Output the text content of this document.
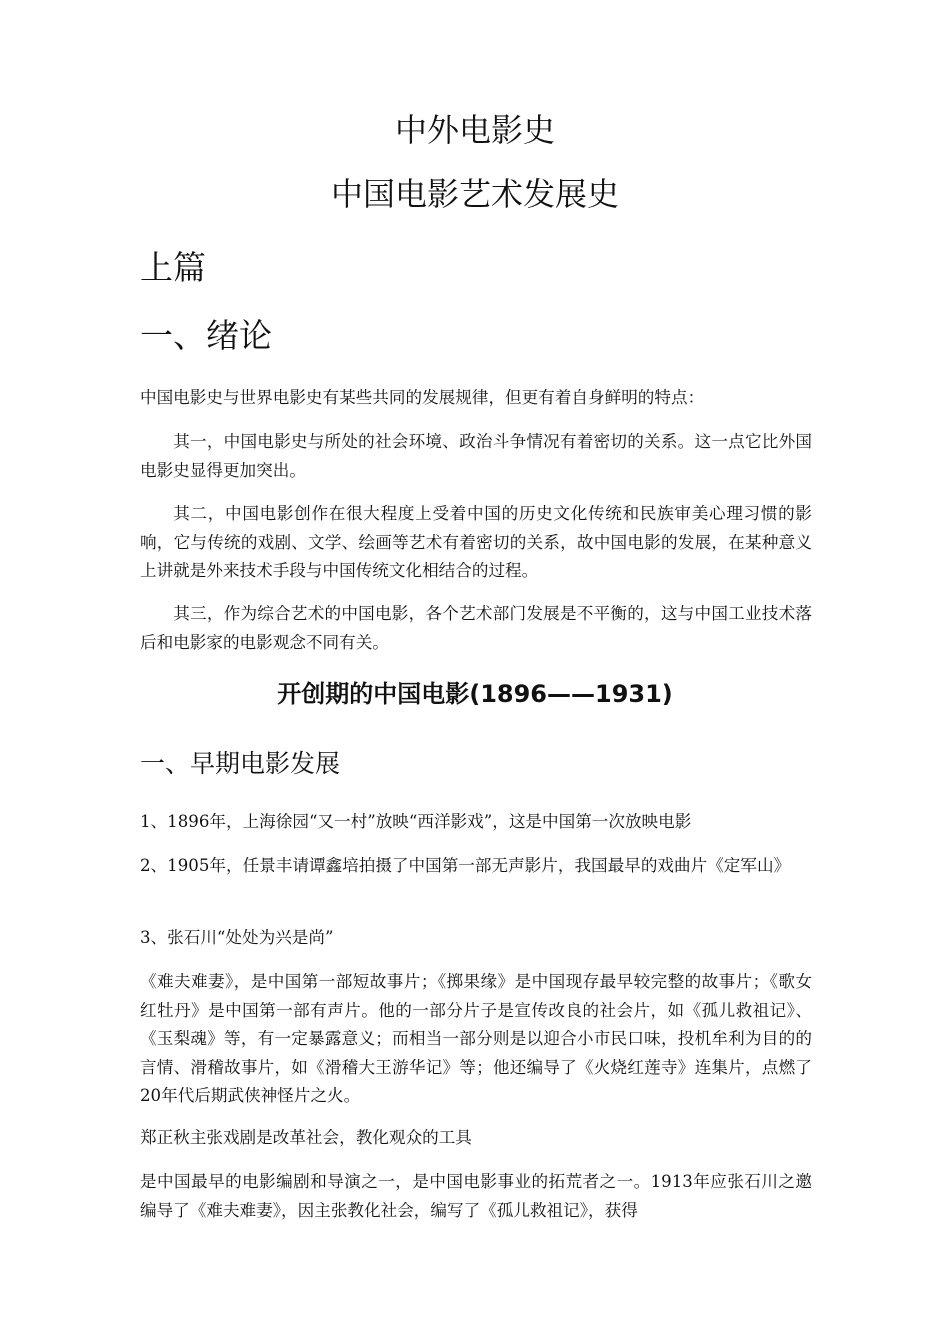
中外电影史
中国电影艺术发展史
上篇
一、绪论

中国电影史与世界电影史有某些共同的发展规律，但更有着自身鲜明的特点：

其一，中国电影史与所处的社会环境、政治斗争情况有着密切的关系。这一点它比外国电影史显得更加突出。

其二，中国电影创作在很大程度上受着中国的历史文化传统和民族审美心理习惯的影响，它与传统的戏剧、文学、绘画等艺术有着密切的关系，故中国电影的发展，在某种意义上讲就是外来技术手段与中国传统文化相结合的过程。

其三，作为综合艺术的中国电影，各个艺术部门发展是不平衡的，这与中国工业技术落后和电影家的电影观念不同有关。

开创期的中国电影(1896——1931)
一、早期电影发展

1、1896年，上海徐园“又一村”放映“西洋影戏”，这是中国第一次放映电影

2、1905年，任景丰请谭鑫培拍摄了中国第一部无声影片，我国最早的戏曲片《定军山》

3、张石川“处处为兴是尚”

《难夫难妻》，是中国第一部短故事片；《掷果缘》是中国现存最早较完整的故事片；《歌女红牡丹》是中国第一部有声片。他的一部分片子是宣传改良的社会片，如《孤儿救祖记》、《玉梨魂》等，有一定暴露意义；而相当一部分则是以迎合小市民口味，投机牟利为目的的言情、滑稽故事片，如《滑稽大王游华记》等；他还编导了《火烧红莲寺》连集片，点燃了20年代后期武侠神怪片之火。

郑正秋主张戏剧是改革社会，教化观众的工具

是中国最早的电影编剧和导演之一，是中国电影事业的拓荒者之一。1913年应张石川之邀编导了《难夫难妻》，因主张教化社会，编写了《孤儿救祖记》，获得
